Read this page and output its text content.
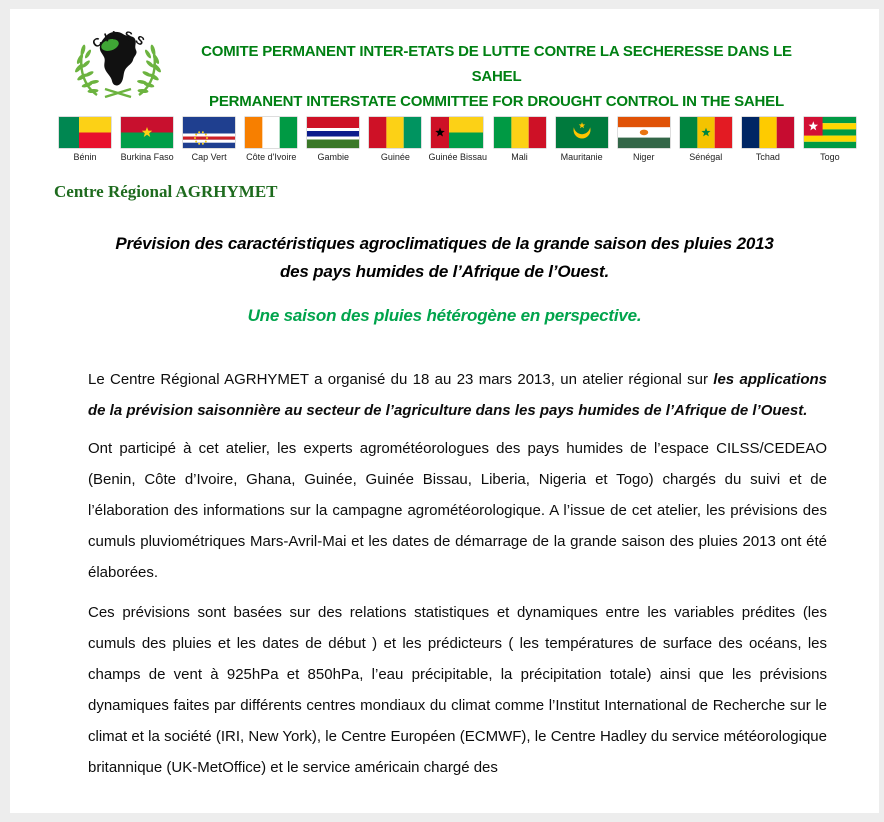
CILSS
COMITE PERMANENT INTER-ETATS DE LUTTE CONTRE LA SECHERESSE DANS LE SAHEL
PERMANENT INTERSTATE COMMITTEE FOR DROUGHT CONTROL IN THE SAHEL
Bénin	Burkina Faso	Cap Vert	Côte d'Ivoire	Gambie	Guinée	Guinée Bissau	Mali	Mauritanie	Niger	Sénégal	Tchad	Togo
Centre Régional AGRHYMET
Prévision des caractéristiques agroclimatiques de la grande saison des pluies 2013
des pays humides de l’Afrique de l’Ouest.
Une saison des pluies hétérogène en perspective.

Le Centre Régional AGRHYMET a organisé du 18 au 23 mars 2013, un atelier régional sur les applications de la prévision saisonnière au secteur de l’agriculture dans les pays humides de l’Afrique de l’Ouest.

Ont participé à cet atelier, les experts agrométéorologues des pays humides de l’espace CILSS/CEDEAO (Benin, Côte d’Ivoire, Ghana, Guinée, Guinée Bissau, Liberia, Nigeria et Togo) chargés du suivi et de l’élaboration des informations sur la campagne agrométéorologique. A l’issue de cet atelier, les prévisions des cumuls pluviométriques Mars-Avril-Mai et les dates de démarrage de la grande saison des pluies 2013 ont été élaborées.

Ces prévisions sont basées sur des relations statistiques et dynamiques entre les variables prédites (les cumuls des pluies et les dates de début ) et les prédicteurs ( les températures de surface des océans, les champs de vent à 925hPa et 850hPa, l’eau précipitable, la précipitation totale) ainsi que les prévisions dynamiques faites par différents centres mondiaux du climat comme l’Institut International de Recherche sur le climat et la société (IRI, New York), le Centre Européen (ECMWF), le Centre Hadley du service météorologique britannique (UK-MetOffice) et le service américain chargé des
